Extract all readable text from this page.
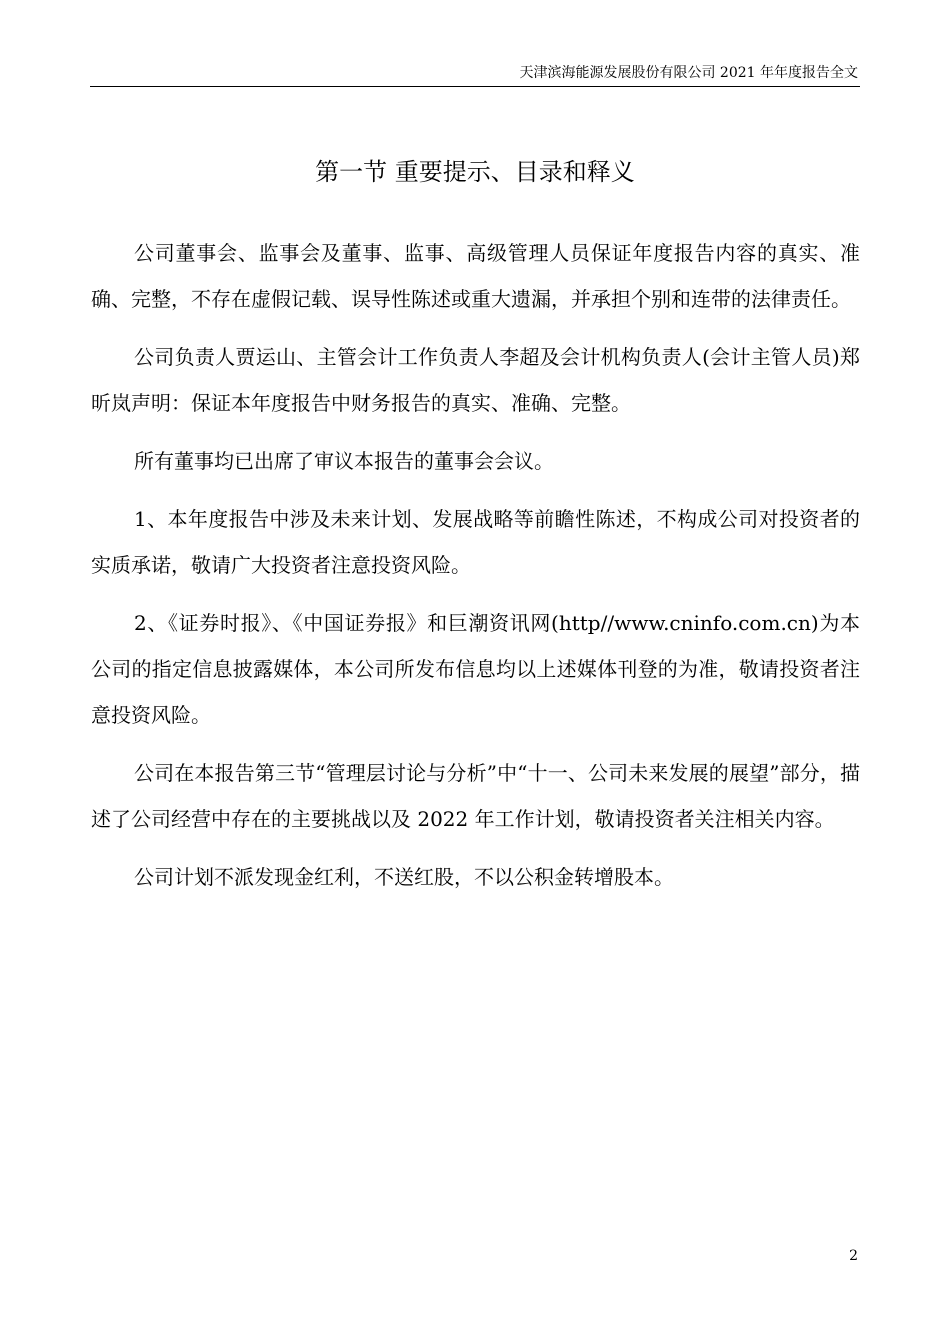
天津滨海能源发展股份有限公司 2021 年年度报告全文
第一节 重要提示、目录和释义

公司董事会、监事会及董事、监事、高级管理人员保证年度报告内容的真实、准确、完整，不存在虚假记载、误导性陈述或重大遗漏，并承担个别和连带的法律责任。

公司负责人贾运山、主管会计工作负责人李超及会计机构负责人(会计主管人员)郑昕岚声明：保证本年度报告中财务报告的真实、准确、完整。

所有董事均已出席了审议本报告的董事会会议。

1、本年度报告中涉及未来计划、发展战略等前瞻性陈述，不构成公司对投资者的实质承诺，敬请广大投资者注意投资风险。

2、《证券时报》、《中国证券报》和巨潮资讯网(http//www.cninfo.com.cn)为本公司的指定信息披露媒体，本公司所发布信息均以上述媒体刊登的为准，敬请投资者注意投资风险。

公司在本报告第三节“管理层讨论与分析”中“十一、公司未来发展的展望”部分，描述了公司经营中存在的主要挑战以及 2022 年工作计划，敬请投资者关注相关内容。

公司计划不派发现金红利，不送红股，不以公积金转增股本。

2
